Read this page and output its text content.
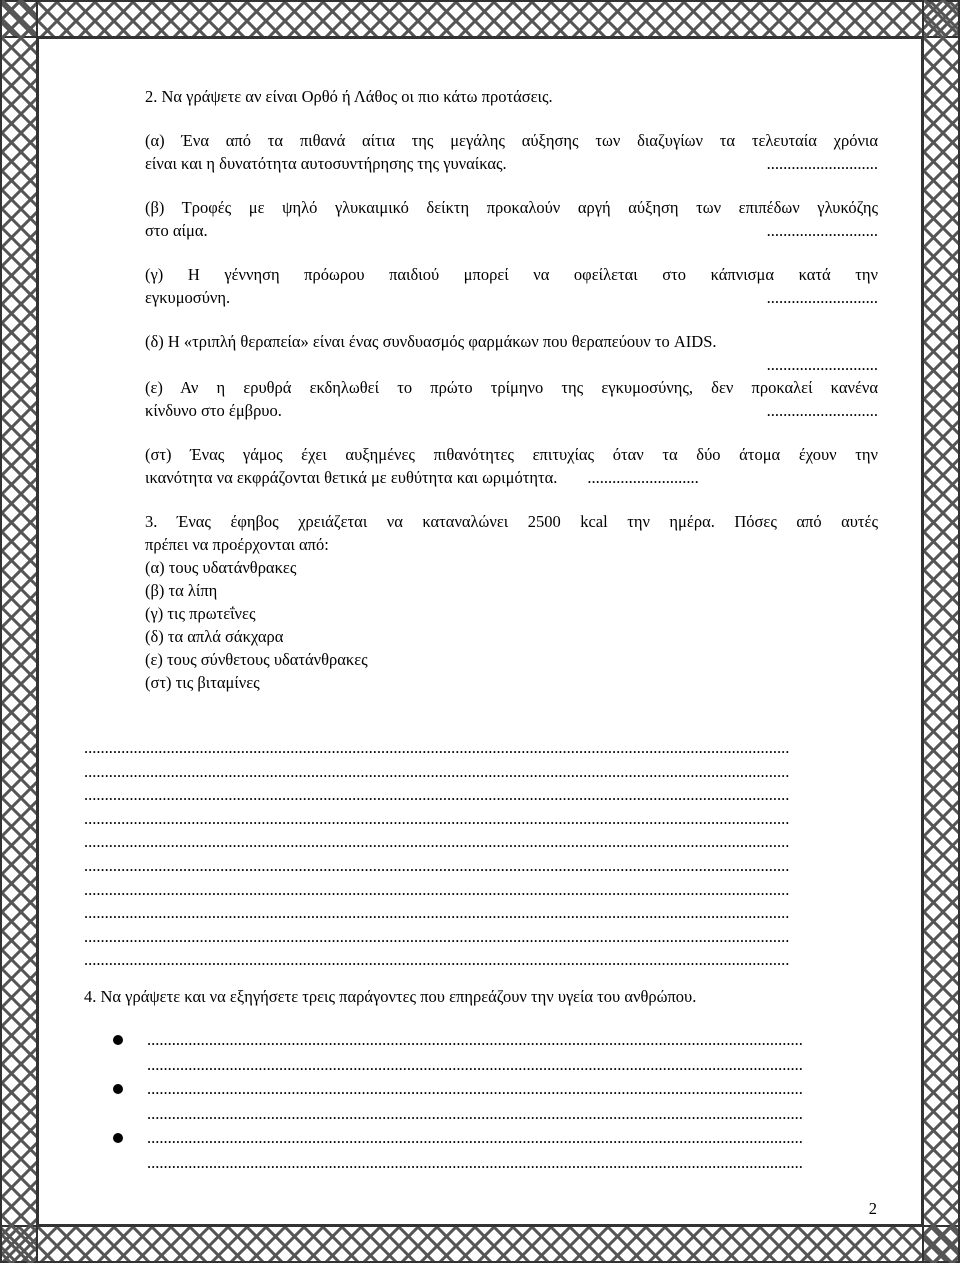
2. Να γράψετε αν είναι Ορθό ή Λάθος οι πιο κάτω προτάσεις.
(α) Ένα από τα πιθανά αίτια της μεγάλης αύξησης των διαζυγίων τα τελευταία χρόνια
είναι και η δυνατότητα αυτοσυντήρησης της γυναίκας.	...........................
(β) Τροφές με ψηλό γλυκαιμικό δείκτη προκαλούν αργή αύξηση των επιπέδων γλυκόζης
στο αίμα.	...........................
(γ) Η γέννηση πρόωρου παιδιού μπορεί να οφείλεται στο κάπνισμα κατά την
εγκυμοσύνη.	...........................
(δ) Η «τριπλή θεραπεία» είναι ένας συνδυασμός φαρμάκων που θεραπεύουν το AIDS.
...........................
(ε) Αν η ερυθρά εκδηλωθεί το πρώτο τρίμηνο της εγκυμοσύνης, δεν προκαλεί κανένα
κίνδυνο στο έμβρυο.	...........................
(στ) Ένας γάμος έχει αυξημένες πιθανότητες επιτυχίας όταν τα δύο άτομα έχουν την
ικανότητα να εκφράζονται θετικά με ευθύτητα και ωριμότητα. ...........................
3. Ένας έφηβος χρειάζεται να καταναλώνει 2500 kcal την ημέρα. Πόσες από αυτές
πρέπει να προέρχονται από:
(α) τους υδατάνθρακες
(β) τα λίπη
(γ) τις πρωτεΐνες
(δ) τα απλά σάκχαρα
(ε) τους σύνθετους υδατάνθρακες
(στ) τις βιταμίνες
...........................................................................................................................................................................
...........................................................................................................................................................................
...........................................................................................................................................................................
...........................................................................................................................................................................
...........................................................................................................................................................................
...........................................................................................................................................................................
...........................................................................................................................................................................
...........................................................................................................................................................................
...........................................................................................................................................................................
...........................................................................................................................................................................
4. Να γράψετε και να εξηγήσετε τρεις παράγοντες που επηρεάζουν την υγεία του ανθρώπου.
...............................................................................................................................................................
...............................................................................................................................................................
...............................................................................................................................................................
...............................................................................................................................................................
...............................................................................................................................................................
...............................................................................................................................................................
2
